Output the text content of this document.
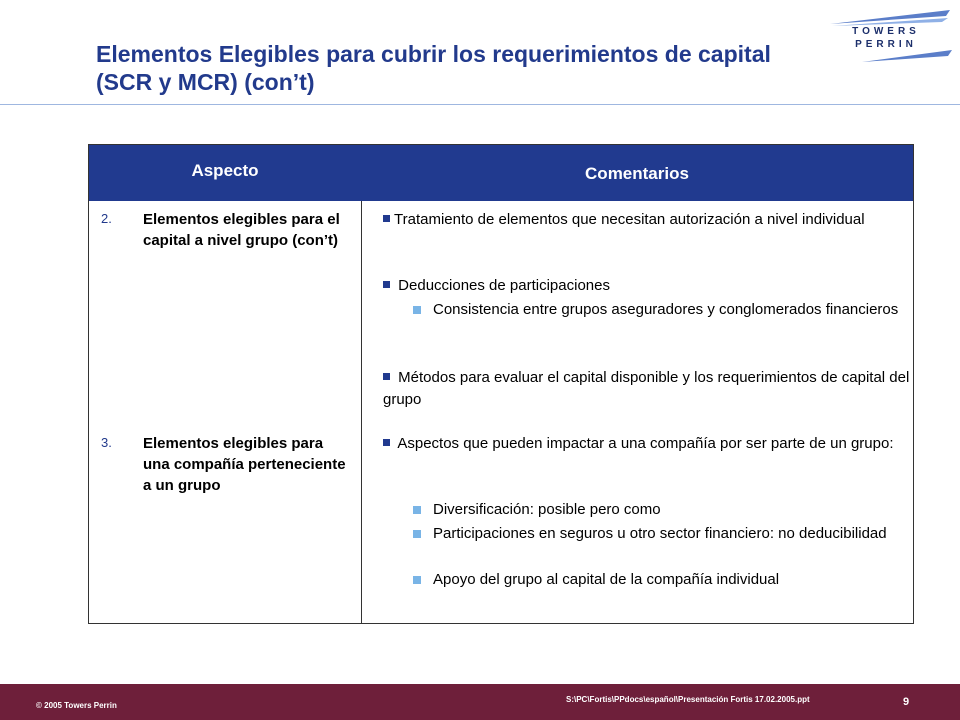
Elementos Elegibles para cubrir los requerimientos de capital
(SCR y MCR) (con’t)
TOWERS
PERRIN
Aspecto	Comentarios
2. Elementos elegibles para el capital a nivel grupo (con’t)
3. Elementos elegibles para una compañía perteneciente a un grupo
Tratamiento de elementos que necesitan autorización a nivel individual
Deducciones de participaciones
Consistencia entre grupos aseguradores y conglomerados financieros
Métodos para evaluar el capital disponible y los requerimientos de capital del grupo
Aspectos que pueden impactar a una compañía por ser parte de un grupo:
Diversificación: posible pero como
Participaciones en seguros u otro sector financiero: no deducibilidad
Apoyo del grupo al capital de la compañía individual
© 2005 Towers Perrin
S:\PC\Fortis\PPdocs\español\Presentación Fortis 17.02.2005.ppt	9
